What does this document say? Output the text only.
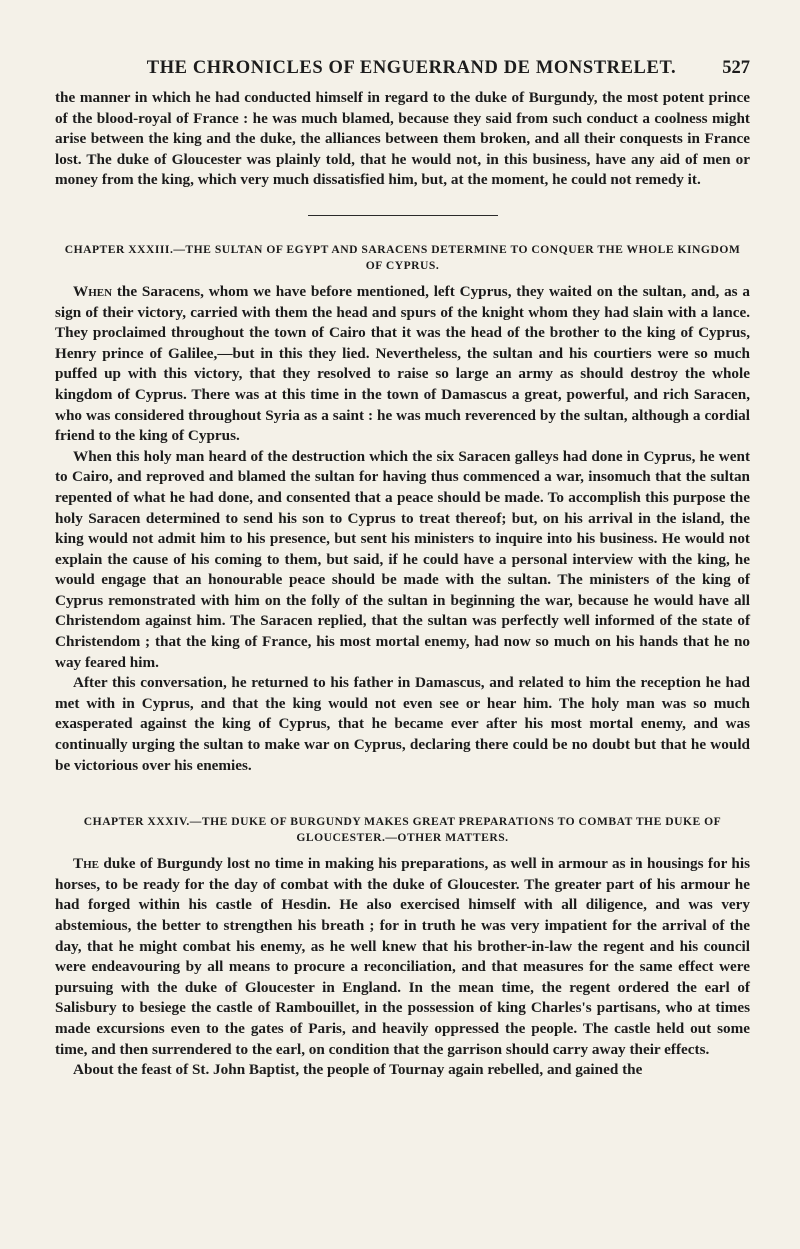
THE CHRONICLES OF ENGUERRAND DE MONSTRELET.	527

the manner in which he had conducted himself in regard to the duke of Burgundy, the most potent prince of the blood-royal of France : he was much blamed, because they said from such conduct a coolness might arise between the king and the duke, the alliances between them broken, and all their conquests in France lost. The duke of Gloucester was plainly told, that he would not, in this business, have any aid of men or money from the king, which very much dissatisfied him, but, at the moment, he could not remedy it.

CHAPTER XXXIII.—THE SULTAN OF EGYPT AND SARACENS DETERMINE TO CONQUER THE WHOLE KINGDOM OF CYPRUS.

When the Saracens, whom we have before mentioned, left Cyprus, they waited on the sultan, and, as a sign of their victory, carried with them the head and spurs of the knight whom they had slain with a lance. They proclaimed throughout the town of Cairo that it was the head of the brother to the king of Cyprus, Henry prince of Galilee,—but in this they lied. Nevertheless, the sultan and his courtiers were so much puffed up with this victory, that they resolved to raise so large an army as should destroy the whole kingdom of Cyprus. There was at this time in the town of Damascus a great, powerful, and rich Saracen, who was considered throughout Syria as a saint : he was much reverenced by the sultan, although a cordial friend to the king of Cyprus.

When this holy man heard of the destruction which the six Saracen galleys had done in Cyprus, he went to Cairo, and reproved and blamed the sultan for having thus commenced a war, insomuch that the sultan repented of what he had done, and consented that a peace should be made. To accomplish this purpose the holy Saracen determined to send his son to Cyprus to treat thereof; but, on his arrival in the island, the king would not admit him to his presence, but sent his ministers to inquire into his business. He would not explain the cause of his coming to them, but said, if he could have a personal interview with the king, he would engage that an honourable peace should be made with the sultan. The ministers of the king of Cyprus remonstrated with him on the folly of the sultan in beginning the war, because he would have all Christendom against him. The Saracen replied, that the sultan was perfectly well informed of the state of Christendom ; that the king of France, his most mortal enemy, had now so much on his hands that he no way feared him.

After this conversation, he returned to his father in Damascus, and related to him the reception he had met with in Cyprus, and that the king would not even see or hear him. The holy man was so much exasperated against the king of Cyprus, that he became ever after his most mortal enemy, and was continually urging the sultan to make war on Cyprus, declaring there could be no doubt but that he would be victorious over his enemies.

CHAPTER XXXIV.—THE DUKE OF BURGUNDY MAKES GREAT PREPARATIONS TO COMBAT THE DUKE OF GLOUCESTER.—OTHER MATTERS.

The duke of Burgundy lost no time in making his preparations, as well in armour as in housings for his horses, to be ready for the day of combat with the duke of Gloucester. The greater part of his armour he had forged within his castle of Hesdin. He also exercised himself with all diligence, and was very abstemious, the better to strengthen his breath ; for in truth he was very impatient for the arrival of the day, that he might combat his enemy, as he well knew that his brother-in-law the regent and his council were endeavouring by all means to procure a reconciliation, and that measures for the same effect were pursuing with the duke of Gloucester in England. In the mean time, the regent ordered the earl of Salisbury to besiege the castle of Rambouillet, in the possession of king Charles's partisans, who at times made excursions even to the gates of Paris, and heavily oppressed the people. The castle held out some time, and then surrendered to the earl, on condition that the garrison should carry away their effects.

About the feast of St. John Baptist, the people of Tournay again rebelled, and gained the
